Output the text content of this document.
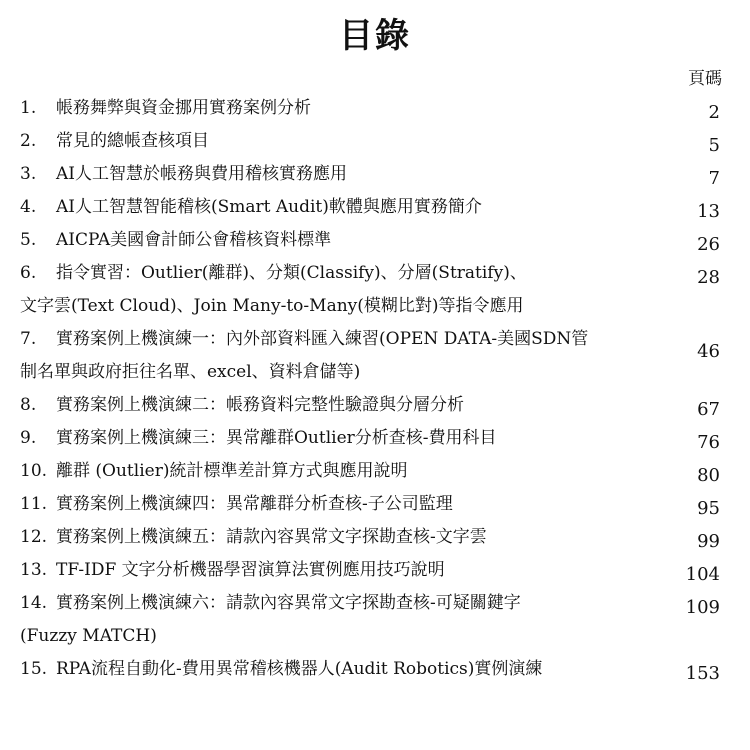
目錄
頁碼
1. 帳務舞弊與資金挪用實務案例分析	2
2. 常見的總帳查核項目	5
3. AI人工智慧於帳務與費用稽核實務應用	7
4. AI人工智慧智能稽核(Smart Audit)軟體與應用實務簡介	13
5. AICPA美國會計師公會稽核資料標準	26
6. 指令實習：Outlier(離群)、分類(Classify)、分層(Stratify)、
文字雲(Text Cloud)、Join Many-to-Many(模糊比對)等指令應用
28
7. 實務案例上機演練一：內外部資料匯入練習(OPEN DATA-美國SDN管
制名單與政府拒往名單、excel、資料倉儲等)
46
8. 實務案例上機演練二：帳務資料完整性驗證與分層分析	67
9. 實務案例上機演練三：異常離群Outlier分析查核-費用科目	76
10. 離群 (Outlier)統計標準差計算方式與應用說明	80
11. 實務案例上機演練四：異常離群分析查核-子公司監理	95
12. 實務案例上機演練五：請款內容異常文字探勘查核-文字雲	99
13. TF-IDF 文字分析機器學習演算法實例應用技巧說明	104
14. 實務案例上機演練六：請款內容異常文字探勘查核-可疑關鍵字
(Fuzzy MATCH)
109
15. RPA流程自動化-費用異常稽核機器人(Audit Robotics)實例演練	153
